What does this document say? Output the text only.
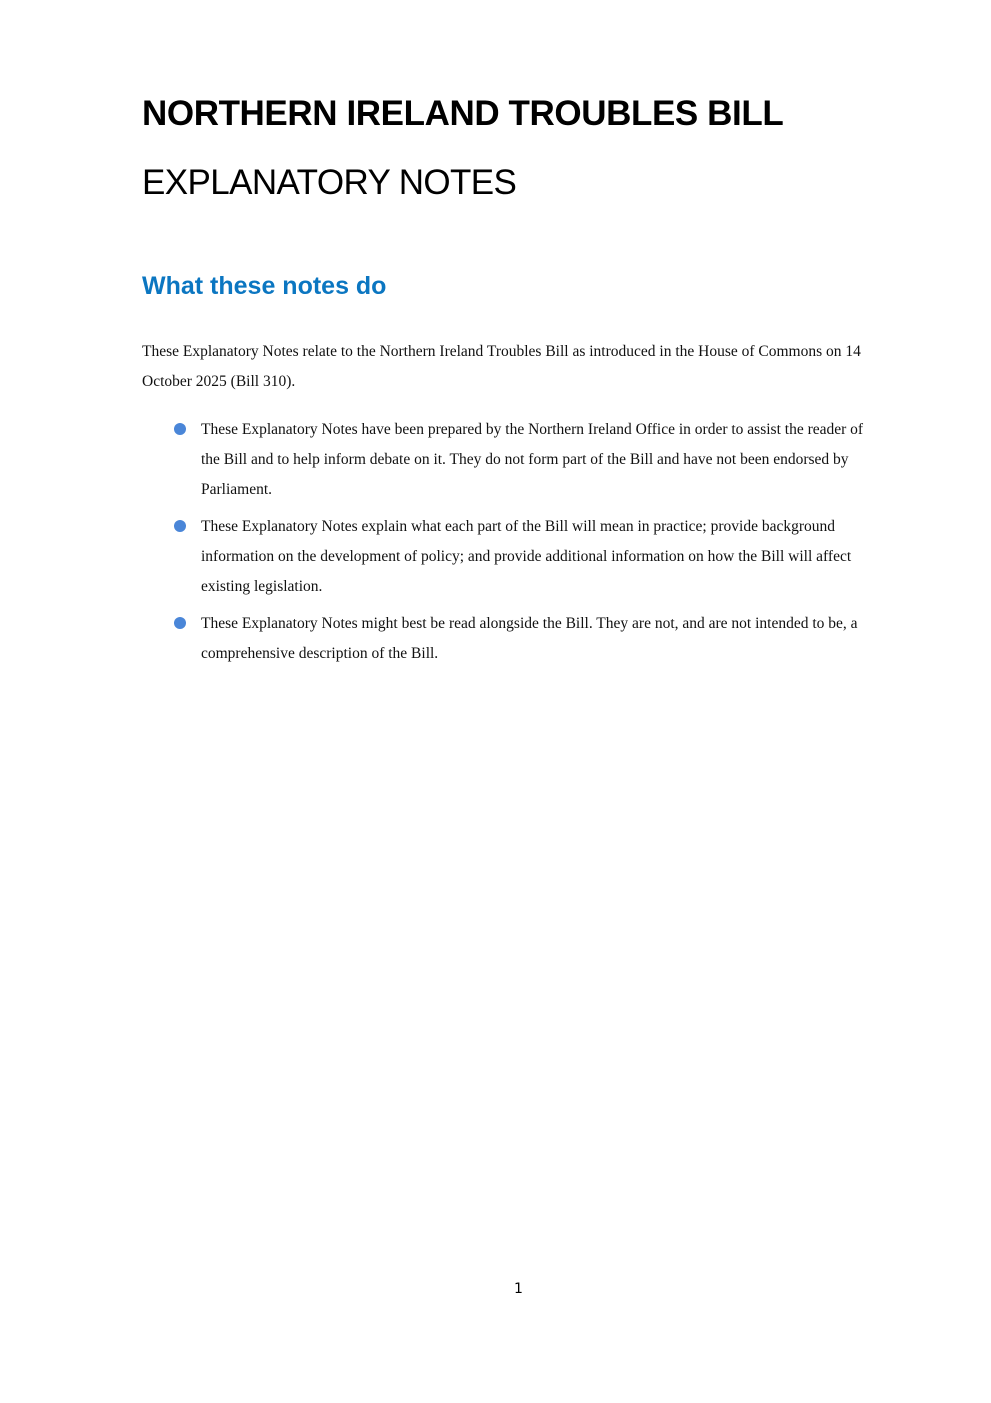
NORTHERN IRELAND TROUBLES BILL
EXPLANATORY NOTES
What these notes do

These Explanatory Notes relate to the Northern Ireland Troubles Bill as introduced in the House of Commons on 14 October 2025 (Bill 310).

These Explanatory Notes have been prepared by the Northern Ireland Office in order to assist the reader of the Bill and to help inform debate on it. They do not form part of the Bill and have not been endorsed by Parliament.
These Explanatory Notes explain what each part of the Bill will mean in practice; provide background information on the development of policy; and provide additional information on how the Bill will affect existing legislation.
These Explanatory Notes might best be read alongside the Bill. They are not, and are not intended to be, a comprehensive description of the Bill.
1
